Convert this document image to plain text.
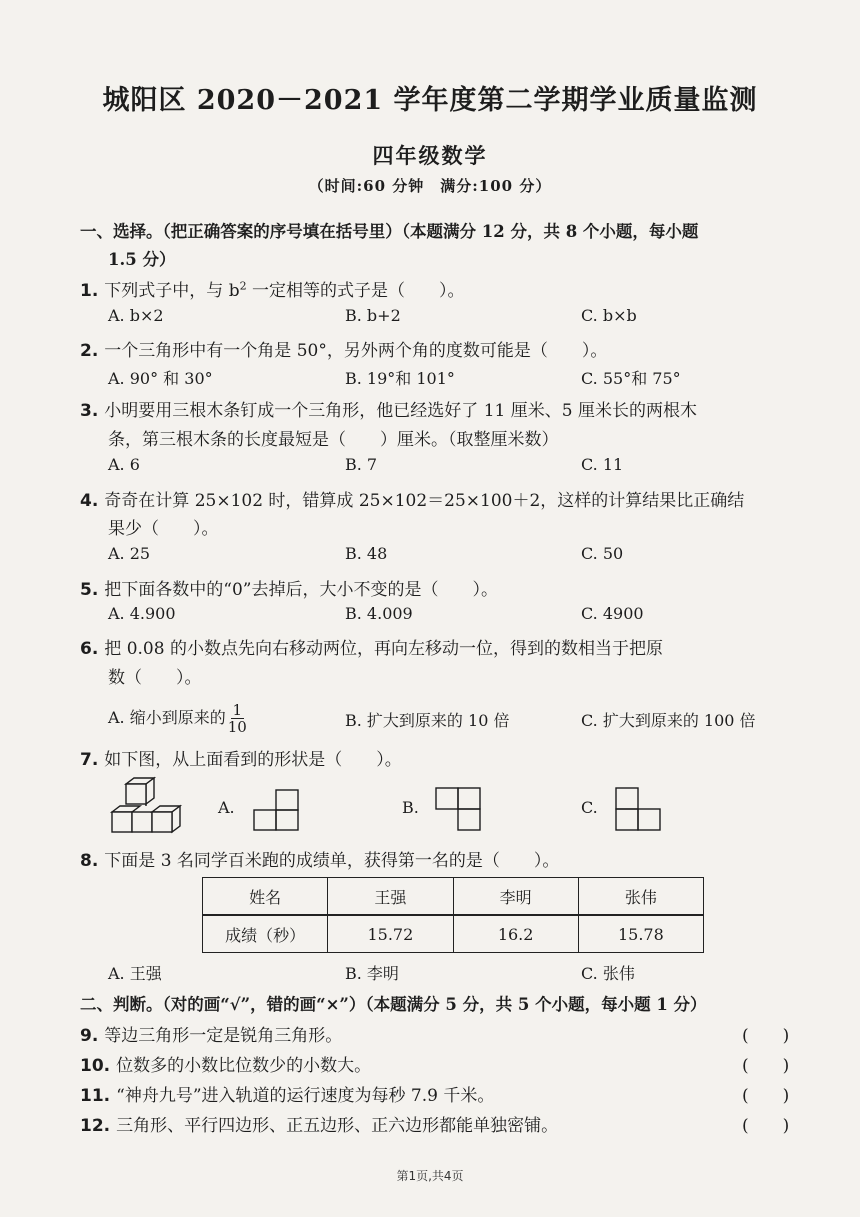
城阳区 2020－2021 学年度第二学期学业质量监测
四年级数学
（时间:60 分钟　满分:100 分）
一、选择。（把正确答案的序号填在括号里）（本题满分 12 分，共 8 个小题，每小题
1.5 分）
1. 下列式子中，与 $b^2$ 一定相等的式子是（　　）。
A. b×2	B. b+2	C. b×b
2. 一个三角形中有一个角是 50°，另外两个角的度数可能是（　　）。
A. 90° 和 30°	B. 19°和 101°	C. 55°和 75°
3. 小明要用三根木条钉成一个三角形，他已经选好了 11 厘米、5 厘米长的两根木
条，第三根木条的长度最短是（　　）厘米。（取整厘米数）
A. 6	B. 7	C. 11
4. 奇奇在计算 25×102 时，错算成 25×102＝25×100＋2，这样的计算结果比正确结
果少（　　）。
A. 25	B. 48	C. 50
5. 把下面各数中的“0”去掉后，大小不变的是（　　）。
A. 4.900	B. 4.009	C. 4900
6. 把 0.08 的小数点先向右移动两位，再向左移动一位，得到的数相当于把原
数（　　）。
A. 缩小到原来的 $\frac{1}{10}$	B. 扩大到原来的 10 倍	C. 扩大到原来的 100 倍
7. 如下图，从上面看到的形状是（　　）。
A.	B.	C.
8. 下面是 3 名同学百米跑的成绩单，获得第一名的是（　　）。
姓名	王强	李明	张伟
成绩（秒）	15.72	16.2	15.78
A. 王强	B. 李明	C. 张伟
二、判断。（对的画“√”，错的画“×”）（本题满分 5 分，共 5 个小题，每小题 1 分）
9. 等边三角形一定是锐角三角形。	(　　)
10. 位数多的小数比位数少的小数大。	(　　)
11. “神舟九号”进入轨道的运行速度为每秒 7.9 千米。	(　　)
12. 三角形、平行四边形、正五边形、正六边形都能单独密铺。	(　　)
第1页,共4页
